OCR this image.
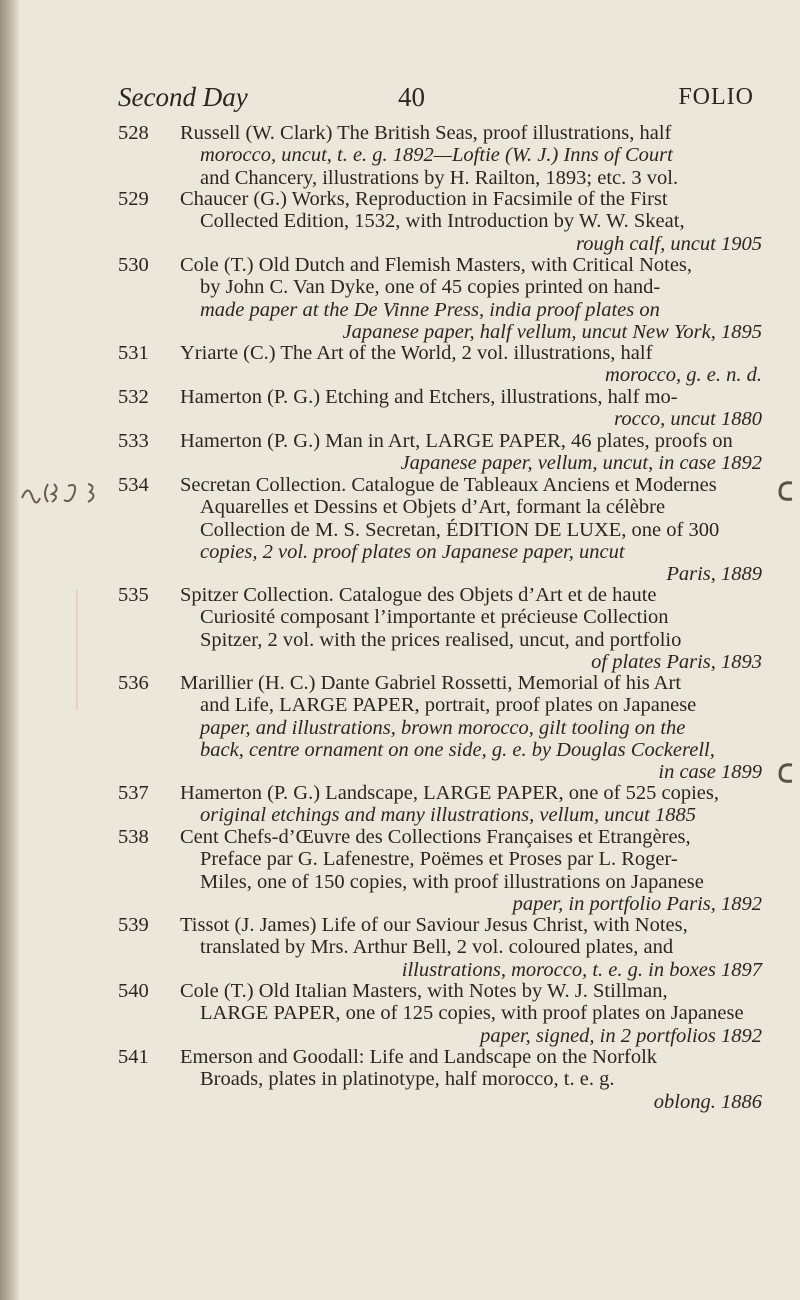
Second Day	40	FOLIO
528	Russell (W. Clark) The British Seas, proof illustrations, half
morocco, uncut, t. e. g. 1892—Loftie (W. J.) Inns of Court
and Chancery, illustrations by H. Railton, 1893; etc. 3 vol.
529	Chaucer (G.) Works, Reproduction in Facsimile of the First
Collected Edition, 1532, with Introduction by W. W. Skeat,
rough calf, uncut 1905
530	Cole (T.) Old Dutch and Flemish Masters, with Critical Notes,
by John C. Van Dyke, one of 45 copies printed on hand-
made paper at the De Vinne Press, india proof plates on
Japanese paper, half vellum, uncut New York, 1895
531	Yriarte (C.) The Art of the World, 2 vol. illustrations, half
morocco, g. e. n. d.
532	Hamerton (P. G.) Etching and Etchers, illustrations, half mo-
rocco, uncut 1880
533	Hamerton (P. G.) Man in Art, LARGE PAPER, 46 plates, proofs on
Japanese paper, vellum, uncut, in case 1892
534	Secretan Collection. Catalogue de Tableaux Anciens et Modernes
Aquarelles et Dessins et Objets d’Art, formant la célèbre
Collection de M. S. Secretan, ÉDITION DE LUXE, one of 300
copies, 2 vol. proof plates on Japanese paper, uncut
Paris, 1889
535	Spitzer Collection. Catalogue des Objets d’Art et de haute
Curiosité composant l’importante et précieuse Collection
Spitzer, 2 vol. with the prices realised, uncut, and portfolio
of plates Paris, 1893
536	Marillier (H. C.) Dante Gabriel Rossetti, Memorial of his Art
and Life, LARGE PAPER, portrait, proof plates on Japanese
paper, and illustrations, brown morocco, gilt tooling on the
back, centre ornament on one side, g. e. by Douglas Cockerell,
in case 1899
537	Hamerton (P. G.) Landscape, LARGE PAPER, one of 525 copies,
original etchings and many illustrations, vellum, uncut 1885
538	Cent Chefs-d’Œuvre des Collections Françaises et Etrangères,
Preface par G. Lafenestre, Poëmes et Proses par L. Roger-
Miles, one of 150 copies, with proof illustrations on Japanese
paper, in portfolio Paris, 1892
539	Tissot (J. James) Life of our Saviour Jesus Christ, with Notes,
translated by Mrs. Arthur Bell, 2 vol. coloured plates, and
illustrations, morocco, t. e. g. in boxes 1897
540	Cole (T.) Old Italian Masters, with Notes by W. J. Stillman,
LARGE PAPER, one of 125 copies, with proof plates on Japanese
paper, signed, in 2 portfolios 1892
541	Emerson and Goodall: Life and Landscape on the Norfolk
Broads, plates in platinotype, half morocco, t. e. g.
oblong. 1886
